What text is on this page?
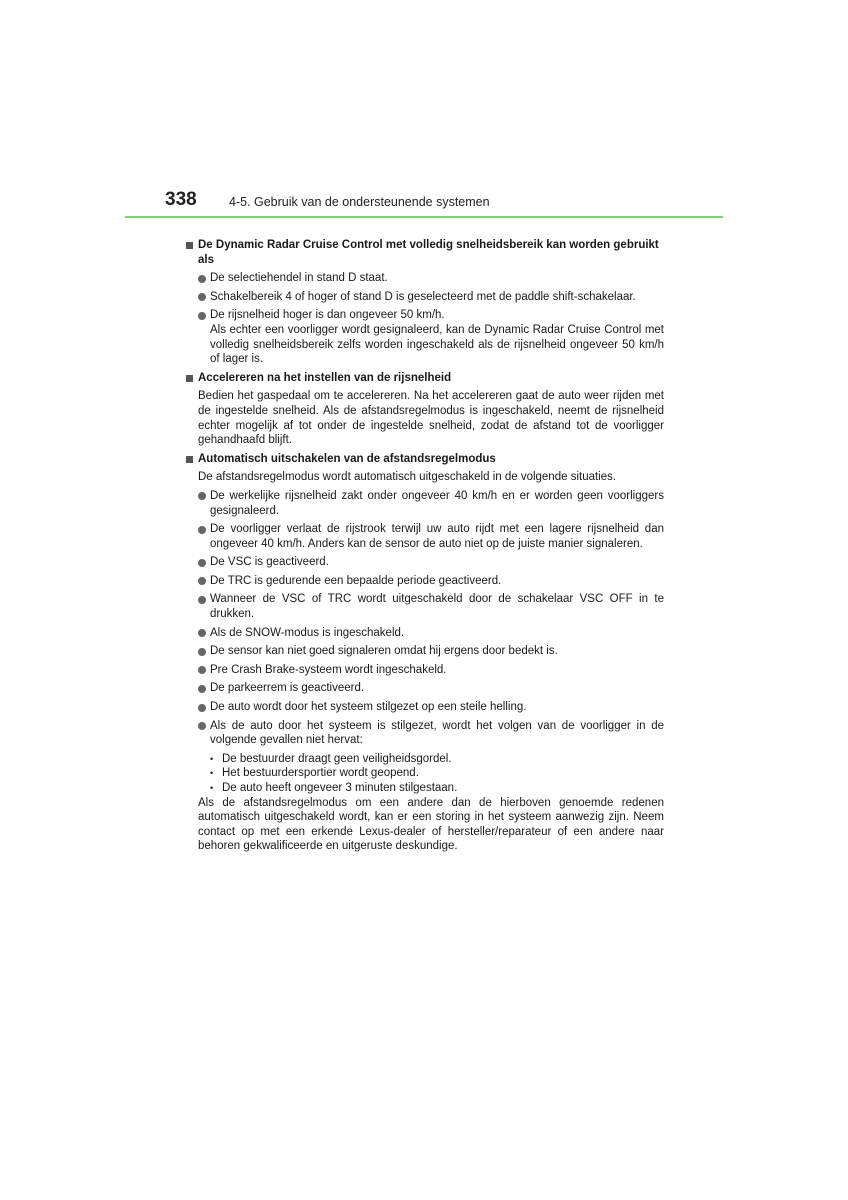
338	4-5. Gebruik van de ondersteunende systemen
De Dynamic Radar Cruise Control met volledig snelheidsbereik kan worden gebruikt als
De selectiehendel in stand D staat.
Schakelbereik 4 of hoger of stand D is geselecteerd met de paddle shift-schakelaar.
De rijsnelheid hoger is dan ongeveer 50 km/h.
Als echter een voorligger wordt gesignaleerd, kan de Dynamic Radar Cruise Control met volledig snelheidsbereik zelfs worden ingeschakeld als de rijsnelheid ongeveer 50 km/h of lager is.
Accelereren na het instellen van de rijsnelheid
Bedien het gaspedaal om te accelereren. Na het accelereren gaat de auto weer rijden met de ingestelde snelheid. Als de afstandsregelmodus is ingeschakeld, neemt de rijsnelheid echter mogelijk af tot onder de ingestelde snelheid, zodat de afstand tot de voorligger gehandhaafd blijft.
Automatisch uitschakelen van de afstandsregelmodus
De afstandsregelmodus wordt automatisch uitgeschakeld in de volgende situaties.
De werkelijke rijsnelheid zakt onder ongeveer 40 km/h en er worden geen voorliggers gesignaleerd.
De voorligger verlaat de rijstrook terwijl uw auto rijdt met een lagere rijsnelheid dan ongeveer 40 km/h. Anders kan de sensor de auto niet op de juiste manier signaleren.
De VSC is geactiveerd.
De TRC is gedurende een bepaalde periode geactiveerd.
Wanneer de VSC of TRC wordt uitgeschakeld door de schakelaar VSC OFF in te drukken.
Als de SNOW-modus is ingeschakeld.
De sensor kan niet goed signaleren omdat hij ergens door bedekt is.
Pre Crash Brake-systeem wordt ingeschakeld.
De parkeerrem is geactiveerd.
De auto wordt door het systeem stilgezet op een steile helling.
Als de auto door het systeem is stilgezet, wordt het volgen van de voorligger in de volgende gevallen niet hervat:
• De bestuurder draagt geen veiligheidsgordel.
• Het bestuurdersportier wordt geopend.
• De auto heeft ongeveer 3 minuten stilgestaan.
Als de afstandsregelmodus om een andere dan de hierboven genoemde redenen automatisch uitgeschakeld wordt, kan er een storing in het systeem aanwezig zijn. Neem contact op met een erkende Lexus-dealer of hersteller/reparateur of een andere naar behoren gekwalificeerde en uitgeruste deskundige.
